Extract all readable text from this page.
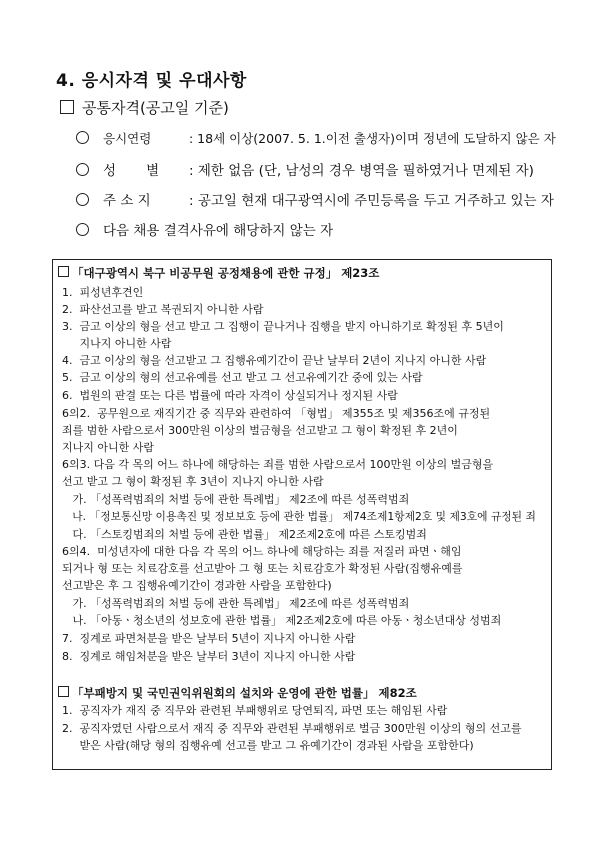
4. 응시자격 및 우대사항
공통자격(공고일 기준)
응시연령	: 18세 이상(2007. 5. 1.이전 출생자)이며 정년에 도달하지 않은 자
성       별 : 제한 없음 (단, 남성의 경우 병역을 필하였거나 면제된 자)
주 소 지	: 공고일 현재 대구광역시에 주민등록을 두고 거주하고 있는 자
다음 채용 결격사유에 해당하지 않는 자
「대구광역시 북구 비공무원 공정채용에 관한 규정」 제23조
1.  피성년후견인
2.  파산선고를 받고 복권되지 아니한 사람
3.  금고 이상의 형을 선고 받고 그 집행이 끝나거나 집행을 받지 아니하기로 확정된 후 5년이
지나지 아니한 사람
4.  금고 이상의 형을 선고받고 그 집행유예기간이 끝난 날부터 2년이 지나지 아니한 사람
5.  금고 이상의 형의 선고유예를 선고 받고 그 선고유예기간 중에 있는 사람
6.  법원의 판결 또는 다른 법률에 따라 자격이 상실되거나 정지된 사람
6의2.  공무원으로 재직기간 중 직무와 관련하여 「형법」 제355조 및 제356조에 규정된
죄를 범한 사람으로서 300만원 이상의 벌금형을 선고받고 그 형이 확정된 후 2년이
지나지 아니한 사람
6의3. 다음 각 목의 어느 하나에 해당하는 죄를 범한 사람으로서 100만원 이상의 벌금형을
선고 받고 그 형이 확정된 후 3년이 지나지 아니한 사람
가. 「성폭력범죄의 처벌 등에 관한 특례법」 제2조에 따른 성폭력범죄
나. 「정보통신망 이용촉진 및 정보보호 등에 관한 법률」 제74조제1항제2호 및 제3호에 규정된 죄
다. 「스토킹범죄의 처벌 등에 관한 법률」 제2조제2호에 따른 스토킹범죄
6의4.  미성년자에 대한 다음 각 목의 어느 하나에 해당하는 죄를 저질러 파면ㆍ해임
되거나 형 또는 치료감호를 선고받아 그 형 또는 치료감호가 확정된 사람(집행유예를
선고받은 후 그 집행유예기간이 경과한 사람을 포함한다)
가. 「성폭력범죄의 처벌 등에 관한 특례법」 제2조에 따른 성폭력범죄
나. 「아동ㆍ청소년의 성보호에 관한 법률」 제2조제2호에 따른 아동ㆍ청소년대상 성범죄
7.  징계로 파면처분을 받은 날부터 5년이 지나지 아니한 사람
8.  징계로 해임처분을 받은 날부터 3년이 지나지 아니한 사람
「부패방지 및 국민권익위원회의 설치와 운영에 관한 법률」 제82조
1.  공직자가 재직 중 직무와 관련된 부패행위로 당연퇴직, 파면 또는 해임된 사람
2.  공직자였던 사람으로서 재직 중 직무와 관련된 부패행위로 벌금 300만원 이상의 형의 선고를
받은 사람(해당 형의 집행유예 선고를 받고 그 유예기간이 경과된 사람을 포함한다)
